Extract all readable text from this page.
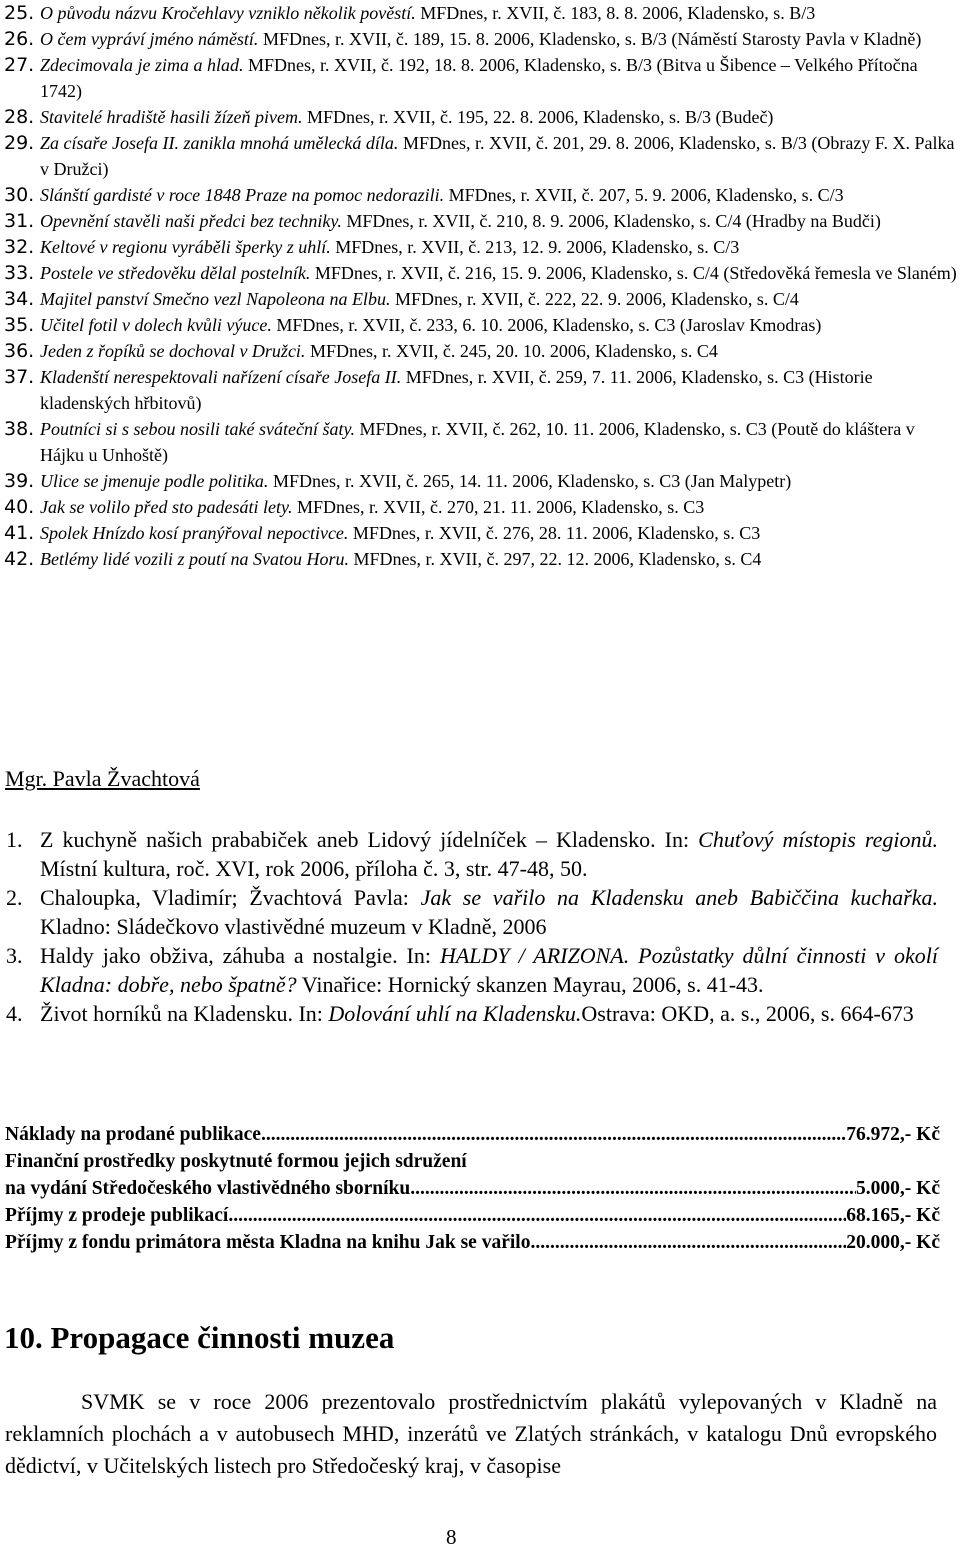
25. O původu názvu Kročehlavy vzniklo několik pověstí. MFDnes, r. XVII, č. 183, 8. 8. 2006, Kladensko, s. B/3
26. O čem vypráví jméno náměstí. MFDnes, r. XVII, č. 189, 15. 8. 2006, Kladensko, s. B/3 (Náměstí Starosty Pavla v Kladně)
27. Zdecimovala je zima a hlad. MFDnes, r. XVII, č. 192, 18. 8. 2006, Kladensko, s. B/3 (Bitva u Šibence – Velkého Přítočna 1742)
28. Stavitelé hradiště hasili žízeň pivem. MFDnes, r. XVII, č. 195, 22. 8. 2006, Kladensko, s. B/3 (Budeč)
29. Za císaře Josefa II. zanikla mnohá umělecká díla. MFDnes, r. XVII, č. 201, 29. 8. 2006, Kladensko, s. B/3 (Obrazy F. X. Palka v Družci)
30. Slánští gardisté v roce 1848 Praze na pomoc nedorazili. MFDnes, r. XVII, č. 207, 5. 9. 2006, Kladensko, s. C/3
31. Opevnění stavěli naši předci bez techniky. MFDnes, r. XVII, č. 210, 8. 9. 2006, Kladensko, s. C/4 (Hradby na Budči)
32. Keltové v regionu vyráběli šperky z uhlí. MFDnes, r. XVII, č. 213, 12. 9. 2006, Kladensko, s. C/3
33. Postele ve středověku dělal postelník. MFDnes, r. XVII, č. 216, 15. 9. 2006, Kladensko, s. C/4 (Středověká řemesla ve Slaném)
34. Majitel panství Smečno vezl Napoleona na Elbu. MFDnes, r. XVII, č. 222, 22. 9. 2006, Kladensko, s. C/4
35. Učitel fotil v dolech kvůli výuce. MFDnes, r. XVII, č. 233, 6. 10. 2006, Kladensko, s. C3 (Jaroslav Kmodras)
36. Jeden z řopíků se dochoval v Družci. MFDnes, r. XVII, č. 245, 20. 10. 2006, Kladensko, s. C4
37. Kladenští nerespektovali nařízení císaře Josefa II. MFDnes, r. XVII, č. 259, 7. 11. 2006, Kladensko, s. C3 (Historie kladenských hřbitovů)
38. Poutníci si s sebou nosili také sváteční šaty. MFDnes, r. XVII, č. 262, 10. 11. 2006, Kladensko, s. C3 (Poutě do kláštera v Hájku u Unhoště)
39. Ulice se jmenuje podle politika. MFDnes, r. XVII, č. 265, 14. 11. 2006, Kladensko, s. C3 (Jan Malypetr)
40. Jak se volilo před sto padesáti lety. MFDnes, r. XVII, č. 270, 21. 11. 2006, Kladensko, s. C3
41. Spolek Hnízdo kosí pranýřoval nepoctivce. MFDnes, r. XVII, č. 276, 28. 11. 2006, Kladensko, s. C3
42. Betlémy lidé vozili z poutí na Svatou Horu. MFDnes, r. XVII, č. 297, 22. 12. 2006, Kladensko, s. C4
Mgr. Pavla Žvachtová
1. Z kuchyně našich prababiček aneb Lidový jídelníček – Kladensko. In: Chuťový místopis regionů. Místní kultura, roč. XVI, rok 2006, příloha č. 3, str. 47-48, 50.
2. Chaloupka, Vladimír; Žvachtová Pavla: Jak se vařilo na Kladensku aneb Babiččina kuchařka. Kladno: Sládečkovo vlastivědné muzeum v Kladně, 2006
3. Haldy jako obživa, záhuba a nostalgie. In: HALDY / ARIZONA. Pozůstatky důlní činnosti v okolí Kladna: dobře, nebo špatně? Vinařice: Hornický skanzen Mayrau, 2006, s. 41-43.
4. Život horníků na Kladensku. In: Dolování uhlí na Kladensku.Ostrava: OKD, a. s., 2006, s. 664-673
Náklady na prodané publikace .....	76.972,- Kč
Finanční prostředky poskytnuté formou jejich sdružení
na vydání Středočeského vlastivědného sborníku .....	5.000,- Kč
Příjmy z prodeje publikací .....	68.165,- Kč
Příjmy z fondu primátora města Kladna na knihu Jak se vařilo... .....	20.000,- Kč
10. Propagace činnosti muzea

SVMK se v roce 2006 prezentovalo prostřednictvím plakátů vylepovaných v Kladně na reklamních plochách a v autobusech MHD, inzerátů ve Zlatých stránkách, v katalogu Dnů evropského dědictví, v Učitelských listech pro Středočeský kraj, v časopise

8
